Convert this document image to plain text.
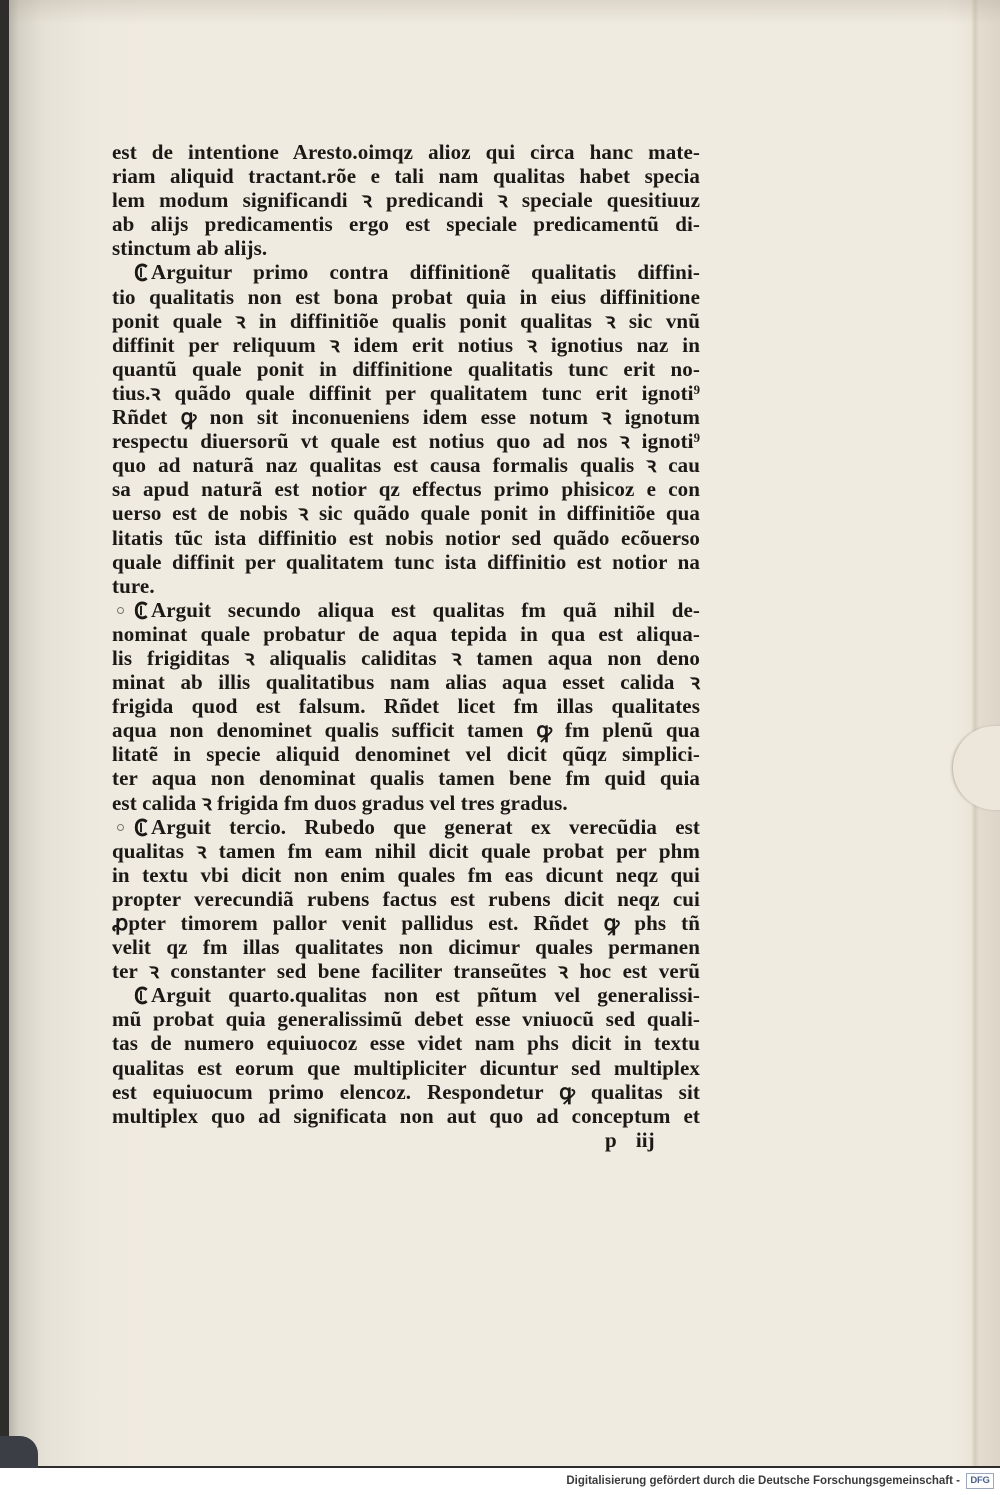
est de intentione Aresto.oimqz alioz qui circa hanc mate-
riam aliquid tractant.rõe e tali nam qualitas habet specia
lem modum significandi ꝛ predicandi ꝛ speciale quesitiuuz
ab alijs predicamentis ergo est speciale predicamentũ di-
stinctum ab alijs.
Arguitur primo contra diffinitionẽ qualitatis diffini-
tio qualitatis non est bona probat quia in eius diffinitione
ponit quale ꝛ in diffinitiõe qualis ponit qualitas ꝛ sic vnũ
diffinit per reliquum ꝛ idem erit notius ꝛ ignotius naz in
quantũ quale ponit in diffinitione qualitatis tunc erit no-
tius.ꝛ quãdo quale diffinit per qualitatem tunc erit ignoti⁹
Rñdet ꝙ non sit inconueniens idem esse notum ꝛ ignotum
respectu diuersorũ vt quale est notius quo ad nos ꝛ ignoti⁹
quo ad naturã naz qualitas est causa formalis qualis ꝛ cau
sa apud naturã est notior qz effectus primo phisicoz e con
uerso est de nobis ꝛ sic quãdo quale ponit in diffinitiõe qua
litatis tũc ista diffinitio est nobis notior sed quãdo ecõuerso
quale diffinit per qualitatem tunc ista diffinitio est notior na
ture.
Arguit secundo aliqua est qualitas fm quã nihil de-
nominat quale probatur de aqua tepida in qua est aliqua-
lis frigiditas ꝛ aliqualis caliditas ꝛ tamen aqua non deno
minat ab illis qualitatibus nam alias aqua esset calida ꝛ
frigida quod est falsum. Rñdet licet fm illas qualitates
aqua non denominet qualis sufficit tamen ꝙ fm plenũ qua
litatẽ in specie aliquid denominet vel dicit qũqz simplici-
ter aqua non denominat qualis tamen bene fm quid quia
est calida ꝛ frigida fm duos gradus vel tres gradus.
Arguit tercio. Rubedo que generat ex verecũdia est
qualitas ꝛ tamen fm eam nihil dicit quale probat per phm
in textu vbi dicit non enim quales fm eas dicunt neqz qui
propter verecundiã rubens factus est rubens dicit neqz cui
ꝓpter timorem pallor venit pallidus est. Rñdet ꝙ phs tñ
velit qz fm illas qualitates non dicimur quales permanen
ter ꝛ constanter sed bene faciliter transeũtes ꝛ hoc est verũ
Arguit quarto.qualitas non est pñtum vel generalissi-
mũ probat quia generalissimũ debet esse vniuocũ sed quali-
tas de numero equiuocoz esse videt nam phs dicit in textu
qualitas est eorum que multipliciter dicuntur sed multiplex
est equiuocum primo elencoz. Respondetur ꝙ qualitas sit
multiplex quo ad significata non aut quo ad conceptum et
p iij
Digitalisierung gefördert durch die Deutsche Forschungsgemeinschaft -	DFG
